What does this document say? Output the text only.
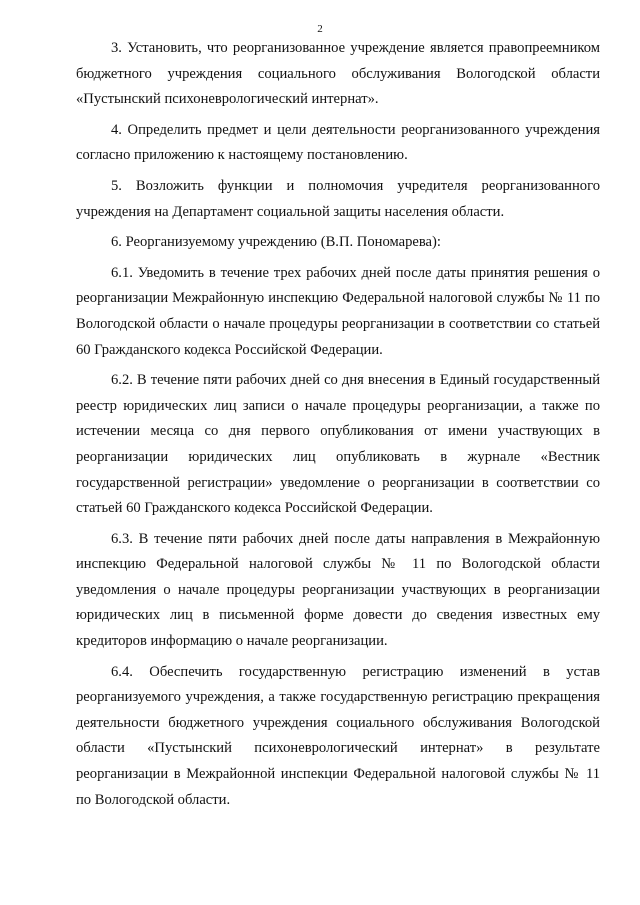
2

3. Установить, что реорганизованное учреждение является правопреемником бюджетного учреждения социального обслуживания Вологодской области «Пустынский психоневрологический интернат».

4. Определить предмет и цели деятельности реорганизованного учреждения согласно приложению к настоящему постановлению.

5. Возложить функции и полномочия учредителя реорганизованного учреждения на Департамент социальной защиты населения области.

6. Реорганизуемому учреждению (В.П. Пономарева):

6.1. Уведомить в течение трех рабочих дней после даты принятия решения о реорганизации Межрайонную инспекцию Федеральной налоговой службы № 11 по Вологодской области о начале процедуры реорганизации в соответствии со статьей 60 Гражданского кодекса Российской Федерации.

6.2. В течение пяти рабочих дней со дня внесения в Единый государственный реестр юридических лиц записи о начале процедуры реорганизации, а также по истечении месяца со дня первого опубликования от имени участвующих в реорганизации юридических лиц опубликовать в журнале «Вестник государственной регистрации» уведомление о реорганизации в соответствии со статьей 60 Гражданского кодекса Российской Федерации.

6.3. В течение пяти рабочих дней после даты направления в Межрайонную инспекцию Федеральной налоговой службы № 11 по Вологодской области уведомления о начале процедуры реорганизации участвующих в реорганизации юридических лиц в письменной форме довести до сведения известных ему кредиторов информацию о начале реорганизации.

6.4. Обеспечить государственную регистрацию изменений в устав реорганизуемого учреждения, а также государственную регистрацию прекращения деятельности бюджетного учреждения социального обслуживания Вологодской области «Пустынский психоневрологический интернат» в результате реорганизации в Межрайонной инспекции Федеральной налоговой службы № 11 по Вологодской области.
